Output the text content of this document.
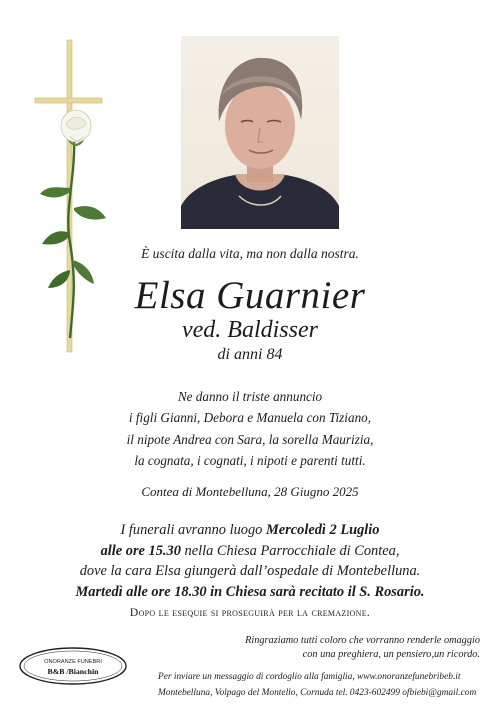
È uscita dalla vita, ma non dalla nostra.
Elsa Guarnier
ved. Baldisser
di anni 84
Ne danno il triste annuncio
i figli Gianni, Debora e Manuela con Tiziano,
il nipote Andrea con Sara, la sorella Maurizia,
la cognata, i cognati, i nipoti e parenti tutti.
Contea di Montebelluna, 28 Giugno 2025
I funerali avranno luogo Mercoledì 2 Luglio
alle ore 15.30 nella Chiesa Parrocchiale di Contea,
dove la cara Elsa giungerà dall’ospedale di Montebelluna.
Martedì alle ore 18.30 in Chiesa sarà recitato il S. Rosario.
Dopo le esequie si proseguirà per la cremazione.
ONORANZE FUNEBRI
B&B /Bianchin
Ringraziamo tutti coloro che vorranno renderle omaggio
con una preghiera, un pensiero,un ricordo.
Per inviare un messaggio di cordoglio alla famiglia, www.onoranzefunebribeb.it
Montebelluna, Volpago del Montello, Cornuda tel. 0423-602499 ofbiebi@gmail.com
